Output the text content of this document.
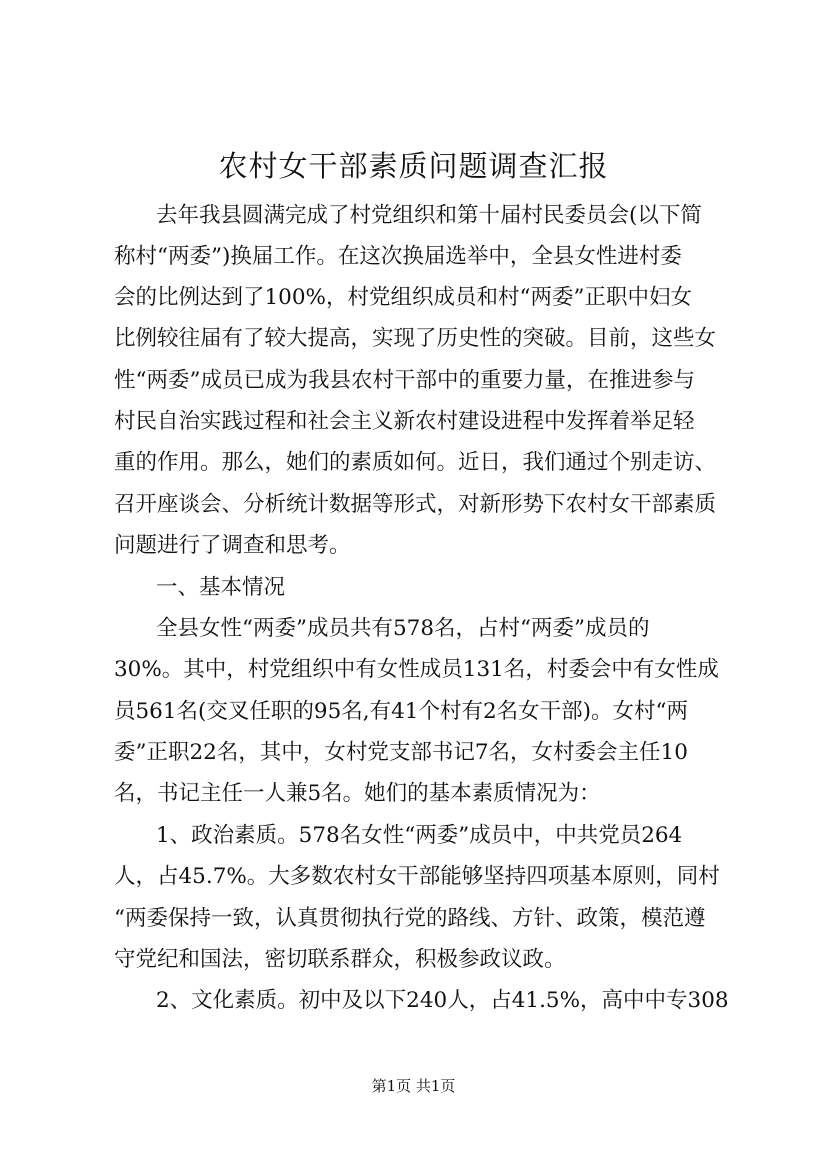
农村女干部素质问题调查汇报

去年我县圆满完成了村党组织和第十届村民委员会(以下简

称村“两委”)换届工作。在这次换届选举中，全县女性进村委

会的比例达到了100%，村党组织成员和村“两委”正职中妇女

比例较往届有了较大提高，实现了历史性的突破。目前，这些女

性“两委”成员已成为我县农村干部中的重要力量，在推进参与

村民自治实践过程和社会主义新农村建设进程中发挥着举足轻

重的作用。那么，她们的素质如何。近日，我们通过个别走访、

召开座谈会、分析统计数据等形式，对新形势下农村女干部素质

问题进行了调查和思考。

一、基本情况

全县女性“两委”成员共有578名，占村“两委”成员的

30%。其中，村党组织中有女性成员131名，村委会中有女性成

员561名(交叉任职的95名,有41个村有2名女干部)。女村“两

委”正职22名，其中，女村党支部书记7名，女村委会主任10

名，书记主任一人兼5名。她们的基本素质情况为：

1、政治素质。578名女性“两委”成员中，中共党员264

人，占45.7%。大多数农村女干部能够坚持四项基本原则，同村

“两委保持一致，认真贯彻执行党的路线、方针、政策，模范遵

守党纪和国法，密切联系群众，积极参政议政。

2、文化素质。初中及以下240人，占41.5%，高中中专308

第1页 共1页
